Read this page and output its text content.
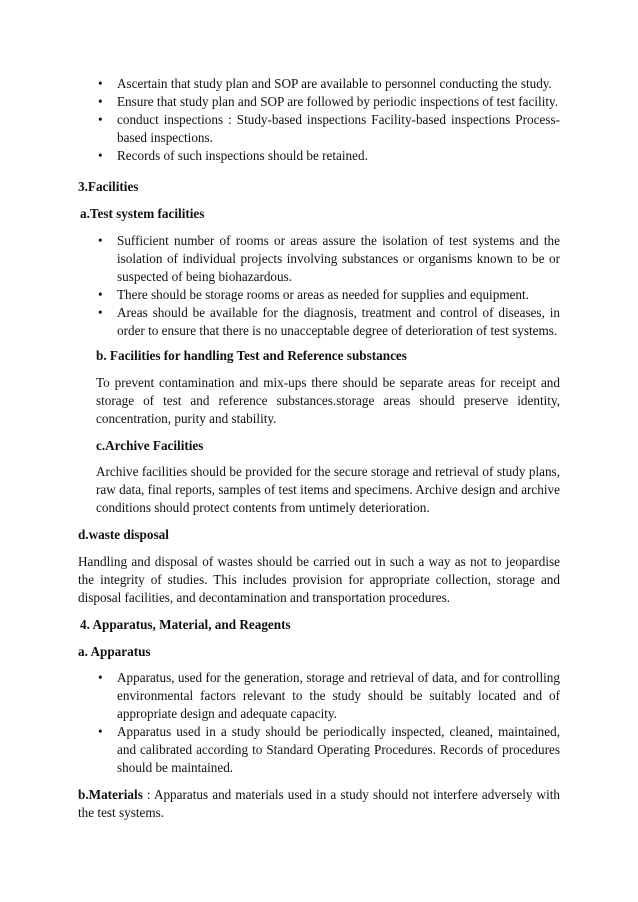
• Ascertain that study plan and SOP are available to personnel conducting the study.
• Ensure that study plan and SOP are followed by periodic inspections of test facility.
• conduct inspections : Study-based inspections Facility-based inspections Process-based inspections.
• Records of such inspections should be retained.
3.Facilities
a.Test system facilities
• Sufficient number of rooms or areas assure the isolation of test systems and the isolation of individual projects involving substances or organisms known to be or suspected of being biohazardous.
• There should be storage rooms or areas as needed for supplies and equipment.
• Areas should be available for the diagnosis, treatment and control of diseases, in order to ensure that there is no unacceptable degree of deterioration of test systems.
b. Facilities for handling Test and Reference substances

To prevent contamination and mix-ups there should be separate areas for receipt and storage of test and reference substances.storage areas should preserve identity, concentration, purity and stability.

c.Archive Facilities

Archive facilities should be provided for the secure storage and retrieval of study plans, raw data, final reports, samples of test items and specimens. Archive design and archive conditions should protect contents from untimely deterioration.

d.waste disposal

Handling and disposal of wastes should be carried out in such a way as not to jeopardise the integrity of studies. This includes provision for appropriate collection, storage and disposal facilities, and decontamination and transportation procedures.

4. Apparatus, Material, and Reagents
a. Apparatus
• Apparatus, used for the generation, storage and retrieval of data, and for controlling environmental factors relevant to the study should be suitably located and of appropriate design and adequate capacity.
• Apparatus used in a study should be periodically inspected, cleaned, maintained, and calibrated according to Standard Operating Procedures. Records of procedures should be maintained.

b.Materials : Apparatus and materials used in a study should not interfere adversely with the test systems.
